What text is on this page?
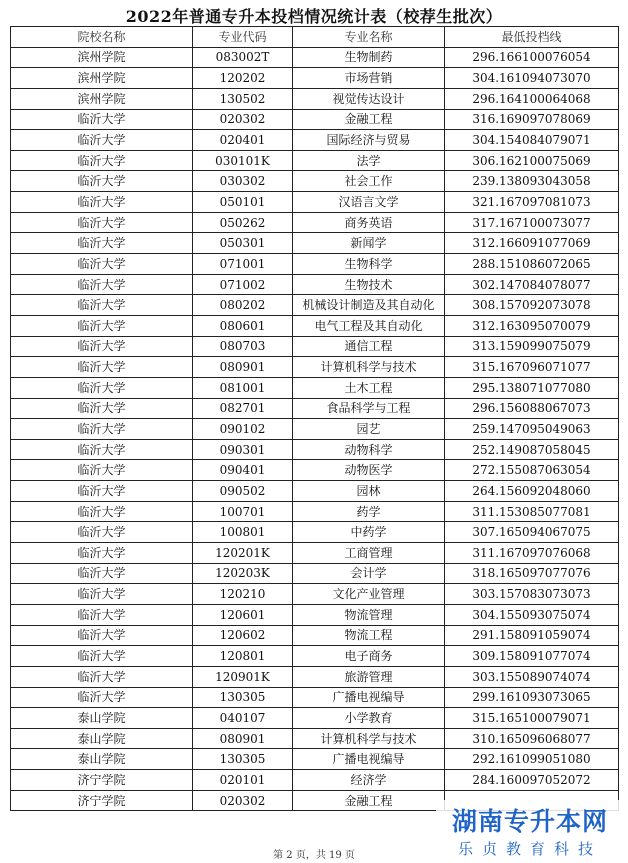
2022年普通专升本投档情况统计表（校荐生批次）
院校名称	专业代码	专业名称	最低投档线
滨州学院	083002T	生物制药	296.166100076054
滨州学院	120202	市场营销	304.161094073070
滨州学院	130502	视觉传达设计	296.164100064068
临沂大学	020302	金融工程	316.169097078069
临沂大学	020401	国际经济与贸易	304.154084079071
临沂大学	030101K	法学	306.162100075069
临沂大学	030302	社会工作	239.138093043058
临沂大学	050101	汉语言文学	321.167097081073
临沂大学	050262	商务英语	317.167100073077
临沂大学	050301	新闻学	312.166091077069
临沂大学	071001	生物科学	288.151086072065
临沂大学	071002	生物技术	302.147084078077
临沂大学	080202	机械设计制造及其自动化	308.157092073078
临沂大学	080601	电气工程及其自动化	312.163095070079
临沂大学	080703	通信工程	313.159099075079
临沂大学	080901	计算机科学与技术	315.167096071077
临沂大学	081001	土木工程	295.138071077080
临沂大学	082701	食品科学与工程	296.156088067073
临沂大学	090102	园艺	259.147095049063
临沂大学	090301	动物科学	252.149087058045
临沂大学	090401	动物医学	272.155087063054
临沂大学	090502	园林	264.156092048060
临沂大学	100701	药学	311.153085077081
临沂大学	100801	中药学	307.165094067075
临沂大学	120201K	工商管理	311.167097076068
临沂大学	120203K	会计学	318.165097077076
临沂大学	120210	文化产业管理	303.157083073073
临沂大学	120601	物流管理	304.155093075074
临沂大学	120602	物流工程	291.158091059074
临沂大学	120801	电子商务	309.158091077074
临沂大学	120901K	旅游管理	303.155089074074
临沂大学	130305	广播电视编导	299.161093073065
泰山学院	040107	小学教育	315.165100079071
泰山学院	080901	计算机科学与技术	310.165096068077
泰山学院	130305	广播电视编导	292.161099051080
济宁学院	020101	经济学	284.160097052072
济宁学院	020302	金融工程	
第 2 页，共 19 页
湖南专升本网
乐贞教育科技
